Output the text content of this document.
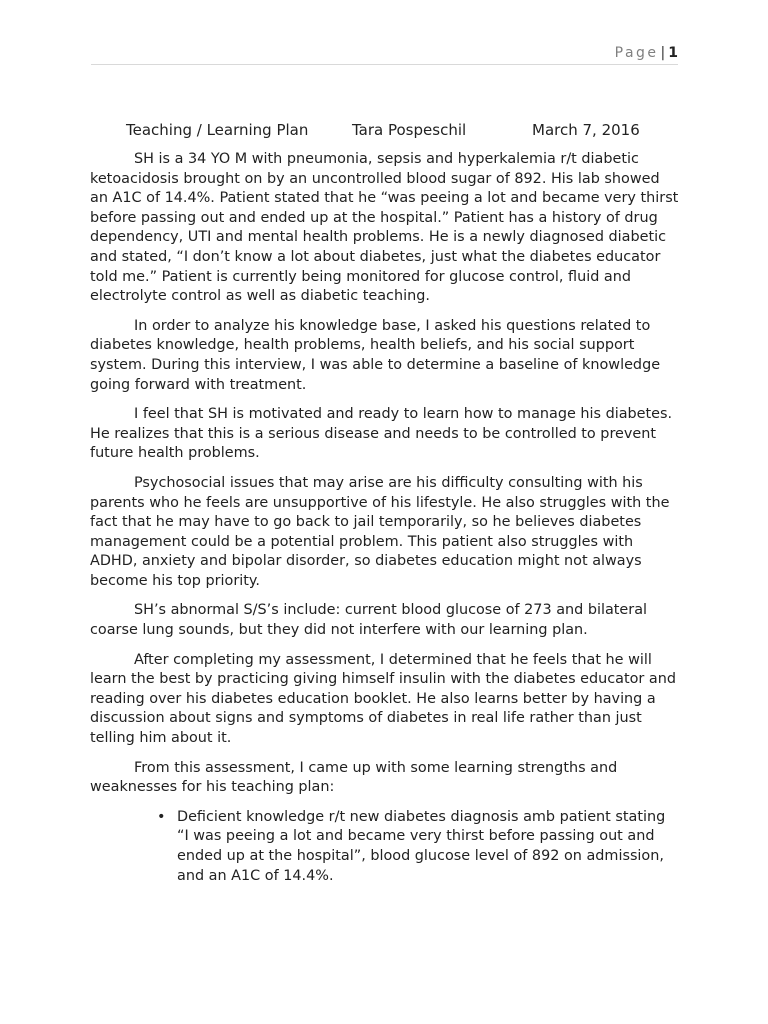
Page | 1
Teaching / Learning Plan	Tara Pospeschil	March 7, 2016

SH is a 34 YO M with pneumonia, sepsis and hyperkalemia r/t diabetic ketoacidosis brought on by an uncontrolled blood sugar of 892. His lab showed an A1C of 14.4%. Patient stated that he “was peeing a lot and became very thirst before passing out and ended up at the hospital.” Patient has a history of drug dependency, UTI and mental health problems. He is a newly diagnosed diabetic and stated, “I don’t know a lot about diabetes, just what the diabetes educator told me.” Patient is currently being monitored for glucose control, fluid and electrolyte control as well as diabetic teaching.

In order to analyze his knowledge base, I asked his questions related to diabetes knowledge, health problems, health beliefs, and his social support system. During this interview, I was able to determine a baseline of knowledge going forward with treatment.

I feel that SH is motivated and ready to learn how to manage his diabetes. He realizes that this is a serious disease and needs to be controlled to prevent future health problems.

Psychosocial issues that may arise are his difficulty consulting with his parents who he feels are unsupportive of his lifestyle. He also struggles with the fact that he may have to go back to jail temporarily, so he believes diabetes management could be a potential problem. This patient also struggles with ADHD, anxiety and bipolar disorder, so diabetes education might not always become his top priority.

SH’s abnormal S/S’s include: current blood glucose of 273 and bilateral coarse lung sounds, but they did not interfere with our learning plan.

After completing my assessment, I determined that he feels that he will learn the best by practicing giving himself insulin with the diabetes educator and reading over his diabetes education booklet. He also learns better by having a discussion about signs and symptoms of diabetes in real life rather than just telling him about it.

From this assessment, I came up with some learning strengths and weaknesses for his teaching plan:

• Deficient knowledge r/t new diabetes diagnosis amb patient stating “I was peeing a lot and became very thirst before passing out and ended up at the hospital”, blood glucose level of 892 on admission, and an A1C of 14.4%.
